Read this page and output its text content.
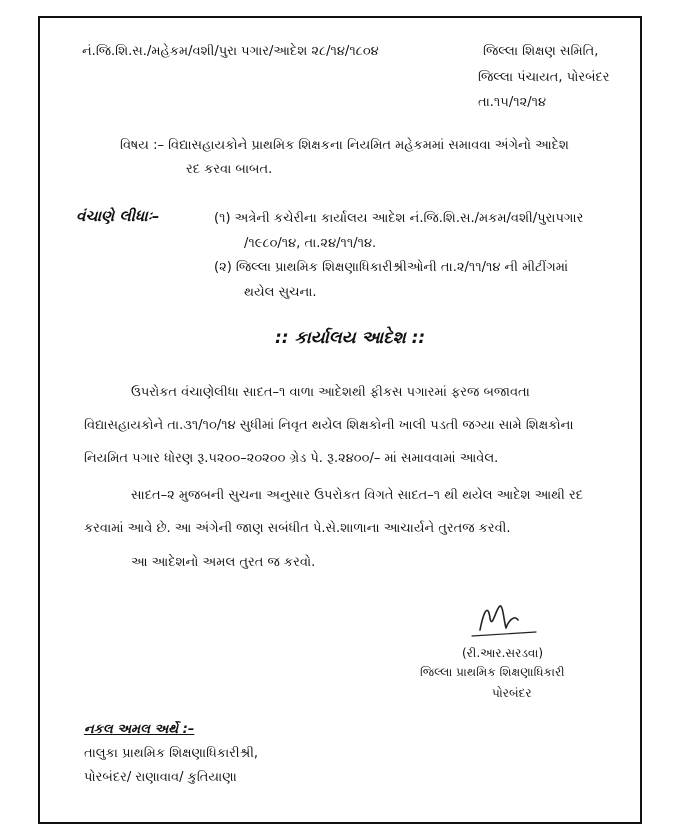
નં.જિ.શિ.સ./મહેકમ/વશી/પુરા પગાર/આદેશ ૨૮/૧૪/૧૮૦૪	જિલ્લા શિક્ષણ સમિતિ,
જિલ્લા પંચાયત, પોરબંદર
તા.૧૫/૧૨/૧૪
વિષય :– વિદ્યાસહાયકોને પ્રાથમિક શિક્ષકના નિયમિત મહેકમમાં સમાવવા અંગેનો આદેશ
રદ કરવા બાબત.
વંચાણે લીધાઃ–	(૧) અત્રેની કચેરીના કાર્યાલય આદેશ નં.જિ.શિ.સ./મકમ/વશી/પુરાપગાર
/૧૯૮૦/૧૪, તા.૨૪/૧૧/૧૪.
(૨) જિલ્લા પ્રાથમિક શિક્ષણાધિકારીશ્રીઓની તા.૨/૧૧/૧૪ ની મીટીંગમાં
થયેલ સુચના.
:: કાર્યાલય આદેશ ::
ઉપરોકત વંચાણેલીધા સાદત–૧ વાળા આદેશથી ફીકસ પગારમાં ફરજ બજાવતા
વિદ્યાસહાયકોને તા.૩૧/૧૦/૧૪ સુધીમાં નિવૃત થયેલ શિક્ષકોની ખાલી પડતી જગ્યા સામે શિક્ષકોના
નિયમિત પગાર ધોરણ રૂ.૫૨૦૦–૨૦૨૦૦ ગ્રેડ પે. રૂ.૨૪૦૦/– માં સમાવવામાં આવેલ.
સાદત–૨ મુજબની સુચના અનુસાર ઉપરોકત વિગતે સાદત–૧ થી થયેલ આદેશ આથી રદ
કરવામાં આવે છે. આ અંગેની જાણ સબંધીત પે.સે.શાળાના આચાર્યને તુરતજ કરવી.
આ આદેશનો અમલ તુરત જ કરવો.
(રી.આર.સરડવા)
જિલ્લા પ્રાથમિક શિક્ષણાધિકારી
પોરબંદર
નકલ અમલ અર્થે :–
તાલુકા પ્રાથમિક શિક્ષણાધિકારીશ્રી,
પોરબંદર/ રાણાવાવ/ કુતિયાણા
